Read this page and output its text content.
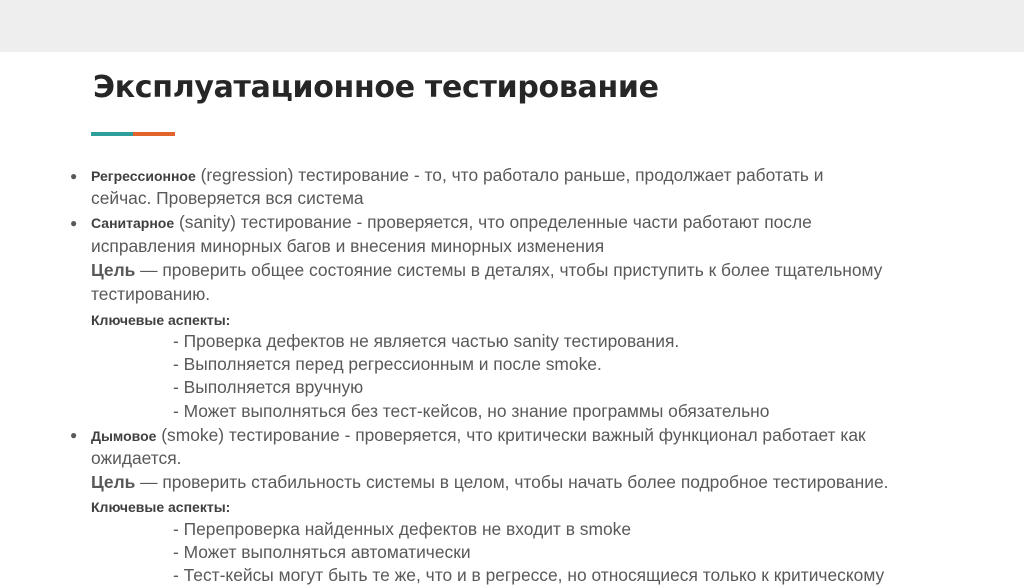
Эксплуатационное тестирование
● Регрессионное (regression) тестирование - то, что работало раньше, продолжает работать и
сейчас. Проверяется вся система
● Санитарное (sanity) тестирование - проверяется, что определенные части работают после
исправления минорных багов и внесения минорных изменения
Цель — проверить общее состояние системы в деталях, чтобы приступить к более тщательному
тестированию.
Ключевые аспекты:
- Проверка дефектов не является частью sanity тестирования.
- Выполняется перед регрессионным и после smoke.
- Выполняется вручную
- Может выполняться без тест-кейсов, но знание программы обязательно
● Дымовое (smoke) тестирование - проверяется, что критически важный функционал работает как
ожидается.
Цель — проверить стабильность системы в целом, чтобы начать более подробное тестирование.
Ключевые аспекты:
- Перепроверка найденных дефектов не входит в smoke
- Может выполняться автоматически
- Тест-кейсы могут быть те же, что и в регрессе, но относящиеся только к критическому
